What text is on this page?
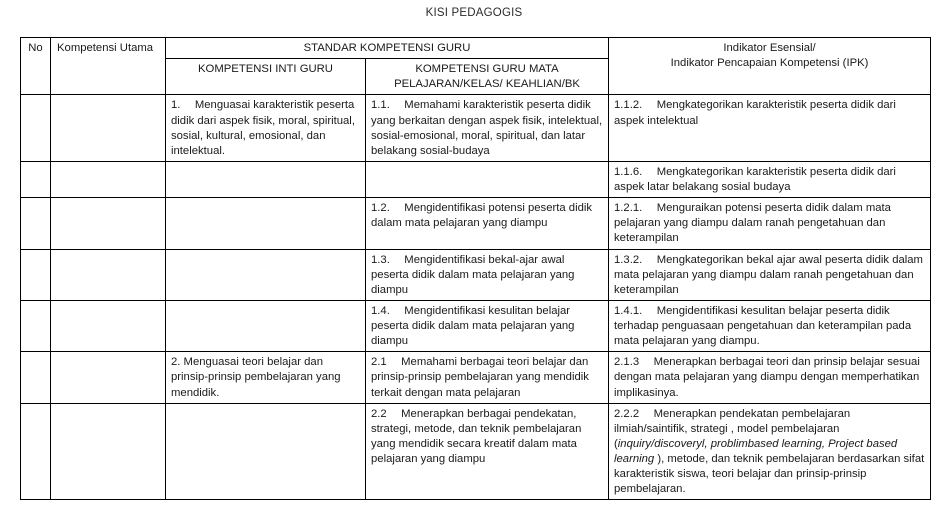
KISI PEDAGOGIS
No	Kompetensi Utama	STANDAR KOMPETENSI GURU		Indikator Esensial/
Indikator Pencapaian Kompetensi (IPK)

		KOMPETENSI INTI GURU	KOMPETENSI GURU MATA
PELAJARAN/KELAS/ KEAHLIAN/BK	

		1.  Menguasai karakteristik peserta didik dari aspek fisik, moral, spiritual, sosial, kultural, emosional, dan intelektual.	1.1.  Memahami karakteristik peserta didik yang berkaitan dengan aspek fisik, intelektual, sosial-emosional, moral, spiritual, dan latar belakang sosial-budaya	1.1.2.  Mengkategorikan karakteristik peserta didik dari aspek intelektual

				1.1.6.  Mengkategorikan karakteristik peserta didik dari aspek latar belakang sosial budaya

			1.2.  Mengidentifikasi potensi peserta didik dalam mata pelajaran yang diampu	1.2.1.  Menguraikan potensi peserta didik dalam mata pelajaran yang diampu dalam ranah pengetahuan dan keterampilan

			1.3.  Mengidentifikasi bekal-ajar awal peserta didik dalam mata pelajaran yang diampu	1.3.2.  Mengkategorikan bekal ajar awal peserta didik dalam mata pelajaran yang diampu dalam ranah pengetahuan dan keterampilan

			1.4.  Mengidentifikasi kesulitan belajar peserta didik dalam mata pelajaran yang diampu	1.4.1.  Mengidentifikasi kesulitan belajar peserta didik terhadap penguasaan pengetahuan dan keterampilan pada mata pelajaran yang diampu.

		2. Menguasai teori belajar dan prinsip-prinsip pembelajaran yang mendidik.	2.1  Memahami berbagai teori belajar dan prinsip-prinsip pembelajaran yang mendidik terkait dengan mata pelajaran	2.1.3  Menerapkan berbagai teori dan prinsip belajar sesuai dengan mata pelajaran yang diampu dengan memperhatikan implikasinya.

			2.2  Menerapkan berbagai pendekatan, strategi, metode, dan teknik pembelajaran yang mendidik secara kreatif dalam mata pelajaran yang diampu	2.2.2  Menerapkan pendekatan pembelajaran ilmiah/saintifik, strategi , model pembelajaran (inquiry/discoveryl, problimbased learning, Project based learning ), metode, dan teknik pembelajaran berdasarkan sifat karakteristik siswa, teori belajar dan prinsip-prinsip pembelajaran.
